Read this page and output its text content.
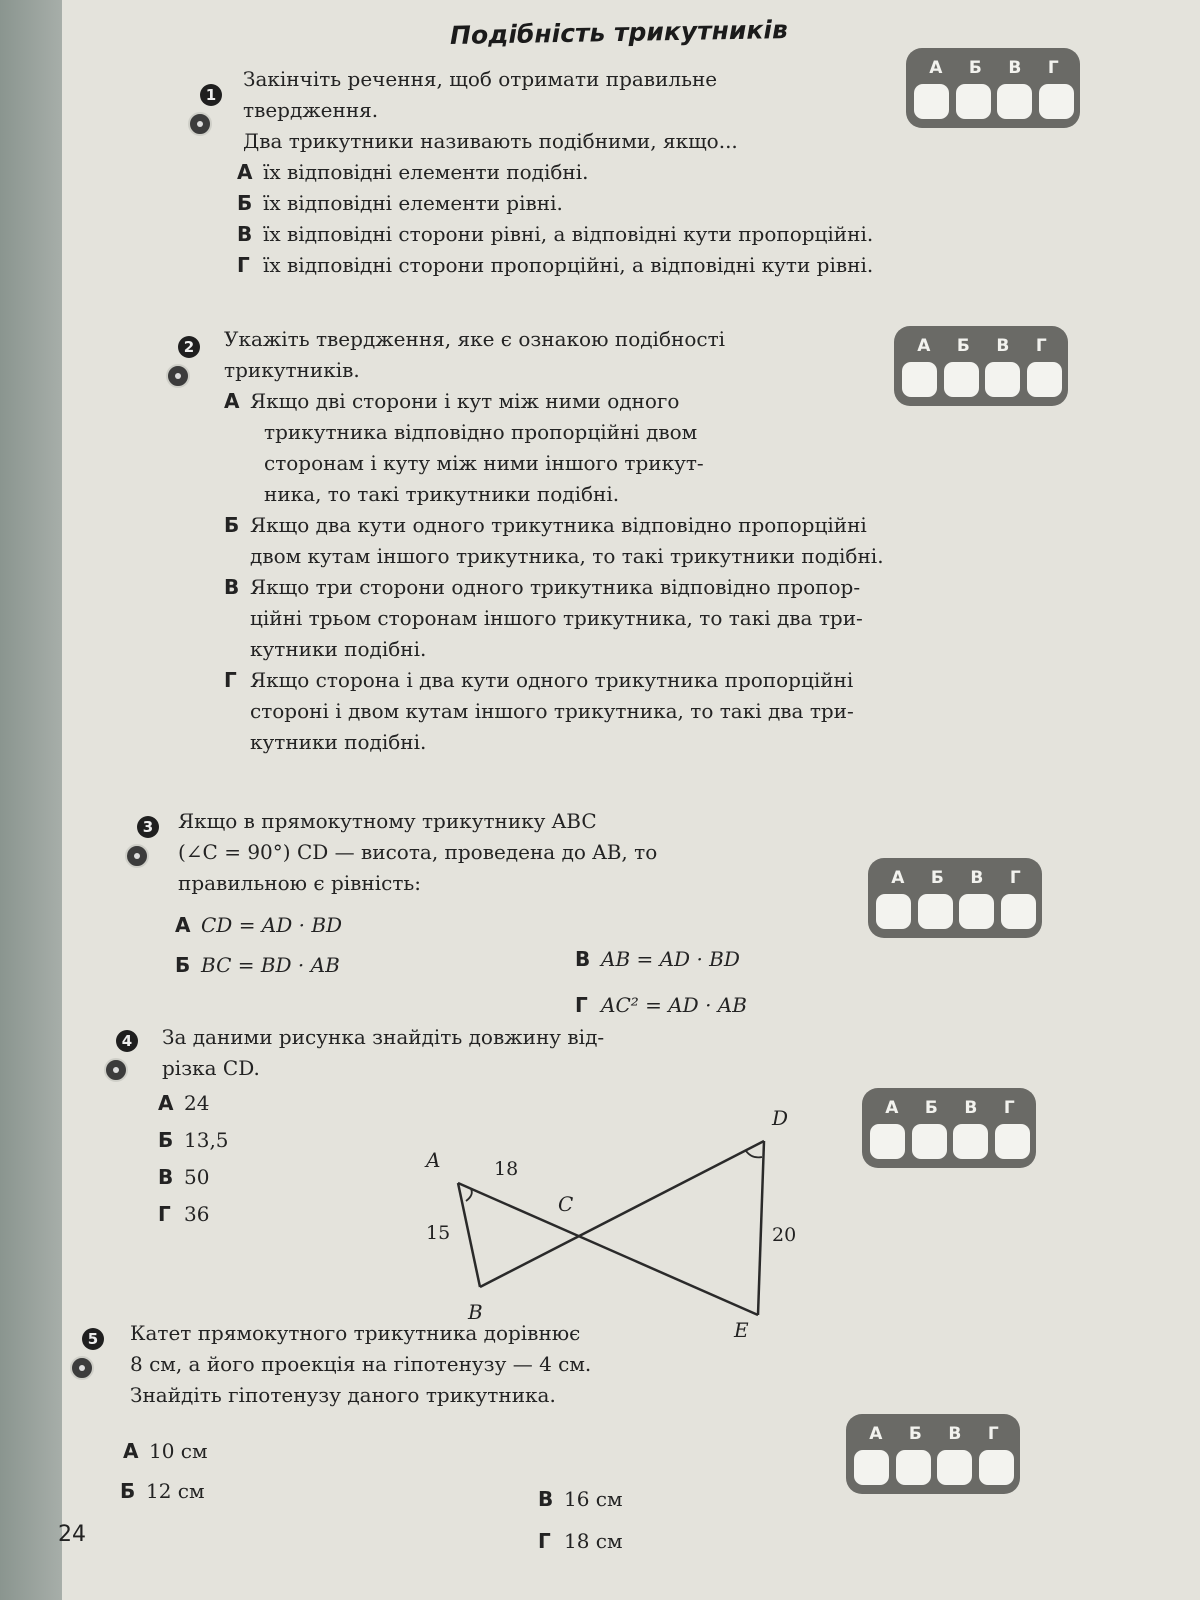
Подібність трикутників
1

Закінчіть речення, щоб отримати правильне

твердження.

Два трикутники називають подібними, якщо...

А їх відповідні елементи подібні.

Б їх відповідні елементи рівні.

В їх відповідні сторони рівні, а відповідні кути пропорційні.

Г їх відповідні сторони пропорційні, а відповідні кути рівні.

А Б В Г
2 Укажіть твердження, яке є ознакою подібності

трикутників.

А Якщо дві сторони і кут між ними одного
трикутника відповідно пропорційні двом
сторонам і куту між ними іншого трикут-
ника, то такі трикутники подібні.
Б Якщо два кути одного трикутника відповідно пропорційні
двом кутам іншого трикутника, то такі трикутники подібні.
В Якщо три сторони одного трикутника відповідно пропор-
ційні трьом сторонам іншого трикутника, то такі два три-
кутники подібні.
Г Якщо сторона і два кути одного трикутника пропорційні
стороні і двом кутам іншого трикутника, то такі два три-
кутники подібні.
А Б В Г
3 Якщо в прямокутному трикутнику ABC

(∠C = 90°) CD — висота, проведена до AB, то

правильною є рівність:

А CD = AD · BD
Б BC = BD · AB	В AB = AD · BD
Г AC² = AD · AB
А Б В Г
4 За даними рисунка знайдіть довжину від-

різка CD.

А 24

Б 13,5

В 50

Г 36

A
B
C
D
E
18
15	20
А Б В Г
5 Катет прямокутного трикутника дорівнює

8 см, а його проекція на гіпотенузу — 4 см.

Знайдіть гіпотенузу даного трикутника.

А 10 см
Б 12 см	В 16 см
Г 18 см
А Б В Г
24
